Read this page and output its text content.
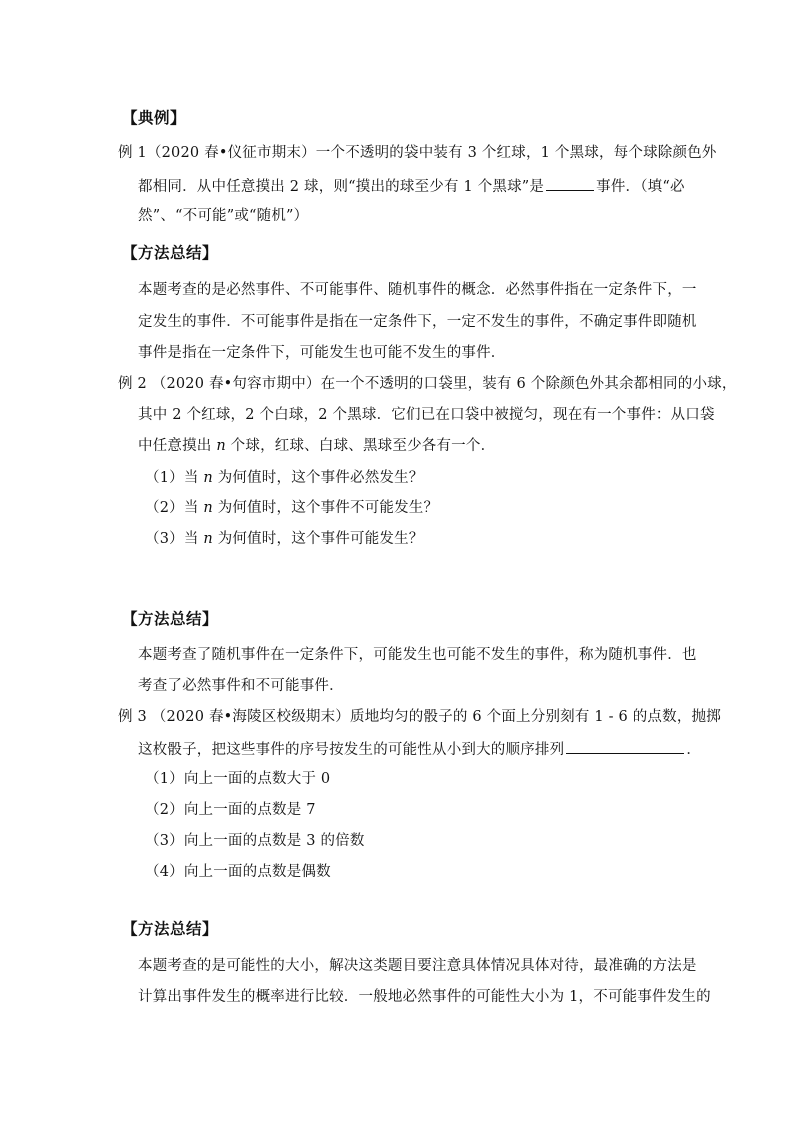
【典例】
例 1（2020 春•仪征市期末）一个不透明的袋中装有 3 个红球，1 个黑球，每个球除颜色外
都相同．从中任意摸出 2 球，则“摸出的球至少有 1 个黑球”是	事件．（填“必
然”、“不可能”或“随机”）
【方法总结】
本题考查的是必然事件、不可能事件、随机事件的概念．必然事件指在一定条件下，一
定发生的事件．不可能事件是指在一定条件下，一定不发生的事件，不确定事件即随机
事件是指在一定条件下，可能发生也可能不发生的事件．
例 2 （2020 春•句容市期中）在一个不透明的口袋里，装有 6 个除颜色外其余都相同的小球，
其中 2 个红球，2 个白球，2 个黑球．它们已在口袋中被搅匀，现在有一个事件：从口袋
中任意摸出 n 个球，红球、白球、黑球至少各有一个．
（1）当 n 为何值时，这个事件必然发生？
（2）当 n 为何值时，这个事件不可能发生？
（3）当 n 为何值时，这个事件可能发生？
【方法总结】
本题考查了随机事件在一定条件下，可能发生也可能不发生的事件，称为随机事件．也
考查了必然事件和不可能事件．
例 3 （2020 春•海陵区校级期末）质地均匀的骰子的 6 个面上分别刻有 1 - 6 的点数，抛掷
这枚骰子，把这些事件的序号按发生的可能性从小到大的顺序排列	．
（1）向上一面的点数大于 0
（2）向上一面的点数是 7
（3）向上一面的点数是 3 的倍数
（4）向上一面的点数是偶数
【方法总结】
本题考查的是可能性的大小，解决这类题目要注意具体情况具体对待，最准确的方法是
计算出事件发生的概率进行比较．一般地必然事件的可能性大小为 1，不可能事件发生的
